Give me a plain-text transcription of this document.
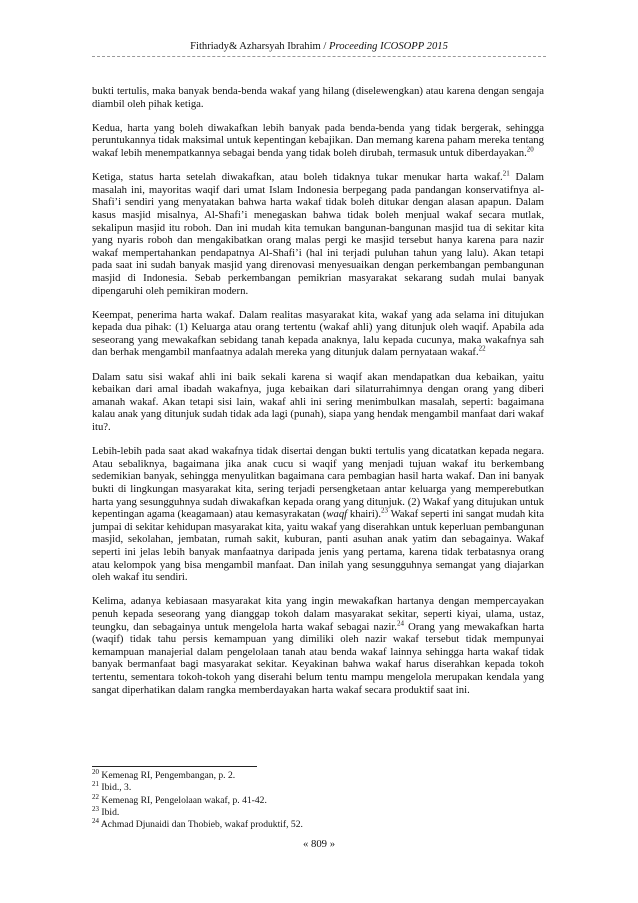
Fithriady& Azharsyah Ibrahim / Proceeding ICOSOPP 2015

bukti tertulis, maka banyak benda-benda wakaf yang hilang (diselewengkan) atau karena dengan sengaja diambil oleh pihak ketiga.

Kedua, harta yang boleh diwakafkan lebih banyak pada benda-benda yang tidak bergerak, sehingga peruntukannya tidak maksimal untuk kepentingan kebajikan. Dan memang karena paham mereka tentang wakaf lebih menempatkannya sebagai benda yang tidak boleh dirubah, termasuk untuk diberdayakan.$^{20}$

Ketiga, status harta setelah diwakafkan, atau boleh tidaknya tukar menukar harta wakaf.$^{21}$ Dalam masalah ini, mayoritas waqif dari umat Islam Indonesia berpegang pada pandangan konservatifnya al-Shafi’i sendiri yang menyatakan bahwa harta wakaf tidak boleh ditukar dengan alasan apapun. Dalam kasus masjid misalnya, Al-Shafi’i menegaskan bahwa tidak boleh menjual wakaf secara mutlak, sekalipun masjid itu roboh. Dan ini mudah kita temukan bangunan-bangunan masjid tua di sekitar kita yang nyaris roboh dan mengakibatkan orang malas pergi ke masjid tersebut hanya karena para nazir wakaf mempertahankan pendapatnya Al-Shafi’i (hal ini terjadi puluhan tahun yang lalu). Akan tetapi pada saat ini sudah banyak masjid yang direnovasi menyesuaikan dengan perkembangan pembangunan masjid di Indonesia. Sebab perkembangan pemikrian masyarakat sekarang sudah mulai banyak dipengaruhi oleh pemikiran modern.

Keempat, penerima harta wakaf. Dalam realitas masyarakat kita, wakaf yang ada selama ini ditujukan kepada dua pihak: (1) Keluarga atau orang tertentu (wakaf ahli) yang ditunjuk oleh waqif. Apabila ada seseorang yang mewakafkan sebidang tanah kepada anaknya, lalu kepada cucunya, maka wakafnya sah dan berhak mengambil manfaatnya adalah mereka yang ditunjuk dalam pernyataan wakaf.$^{22}$

Dalam satu sisi wakaf ahli ini baik sekali karena si waqif akan mendapatkan dua kebaikan, yaitu kebaikan dari amal ibadah wakafnya, juga kebaikan dari silaturrahimnya dengan orang yang diberi amanah wakaf. Akan tetapi sisi lain, wakaf ahli ini sering menimbulkan masalah, seperti: bagaimana kalau anak yang ditunjuk sudah tidak ada lagi (punah), siapa yang hendak mengambil manfaat dari wakaf itu?.

Lebih-lebih pada saat akad wakafnya tidak disertai dengan bukti tertulis yang dicatatkan kepada negara. Atau sebaliknya, bagaimana jika anak cucu si waqif yang menjadi tujuan wakaf itu berkembang sedemikian banyak, sehingga menyulitkan bagaimana cara pembagian hasil harta wakaf. Dan ini banyak bukti di lingkungan masyarakat kita, sering terjadi persengketaan antar keluarga yang memperebutkan harta yang sesungguhnya sudah diwakafkan kepada orang yang ditunjuk. (2) Wakaf yang ditujukan untuk kepentingan agama (keagamaan) atau kemasyrakatan (waqf khairi).$^{23}$ Wakaf seperti ini sangat mudah kita jumpai di sekitar kehidupan masyarakat kita, yaitu wakaf yang diserahkan untuk keperluan pembangunan masjid, sekolahan, jembatan, rumah sakit, kuburan, panti asuhan anak yatim dan sebagainya. Wakaf seperti ini jelas lebih banyak manfaatnya daripada jenis yang pertama, karena tidak terbatasnya orang atau kelompok yang bisa mengambil manfaat. Dan inilah yang sesungguhnya semangat yang diajarkan oleh wakaf itu sendiri.

Kelima, adanya kebiasaan masyarakat kita yang ingin mewakafkan hartanya dengan mempercayakan penuh kepada seseorang yang dianggap tokoh dalam masyarakat sekitar, seperti kiyai, ulama, ustaz, teungku, dan sebagainya untuk mengelola harta wakaf sebagai nazir.$^{24}$ Orang yang mewakafkan harta (waqif) tidak tahu persis kemampuan yang dimiliki oleh nazir wakaf tersebut tidak mempunyai kemampuan manajerial dalam pengelolaan tanah atau benda wakaf lainnya sehingga harta wakaf tidak banyak bermanfaat bagi masyarakat sekitar. Keyakinan bahwa wakaf harus diserahkan kepada tokoh tertentu, sementara tokoh-tokoh yang diserahi belum tentu mampu mengelola merupakan kendala yang sangat diperhatikan dalam rangka memberdayakan harta wakaf secara produktif saat ini.

$^{20}$ Kemenag RI, Pengembangan, p. 2.

$^{21}$ Ibid., 3.

$^{22}$ Kemenag RI, Pengelolaan wakaf, p. 41-42.

$^{23}$ Ibid.

$^{24}$ Achmad Djunaidi dan Thobieb, wakaf produktif, 52.

« 809 »
